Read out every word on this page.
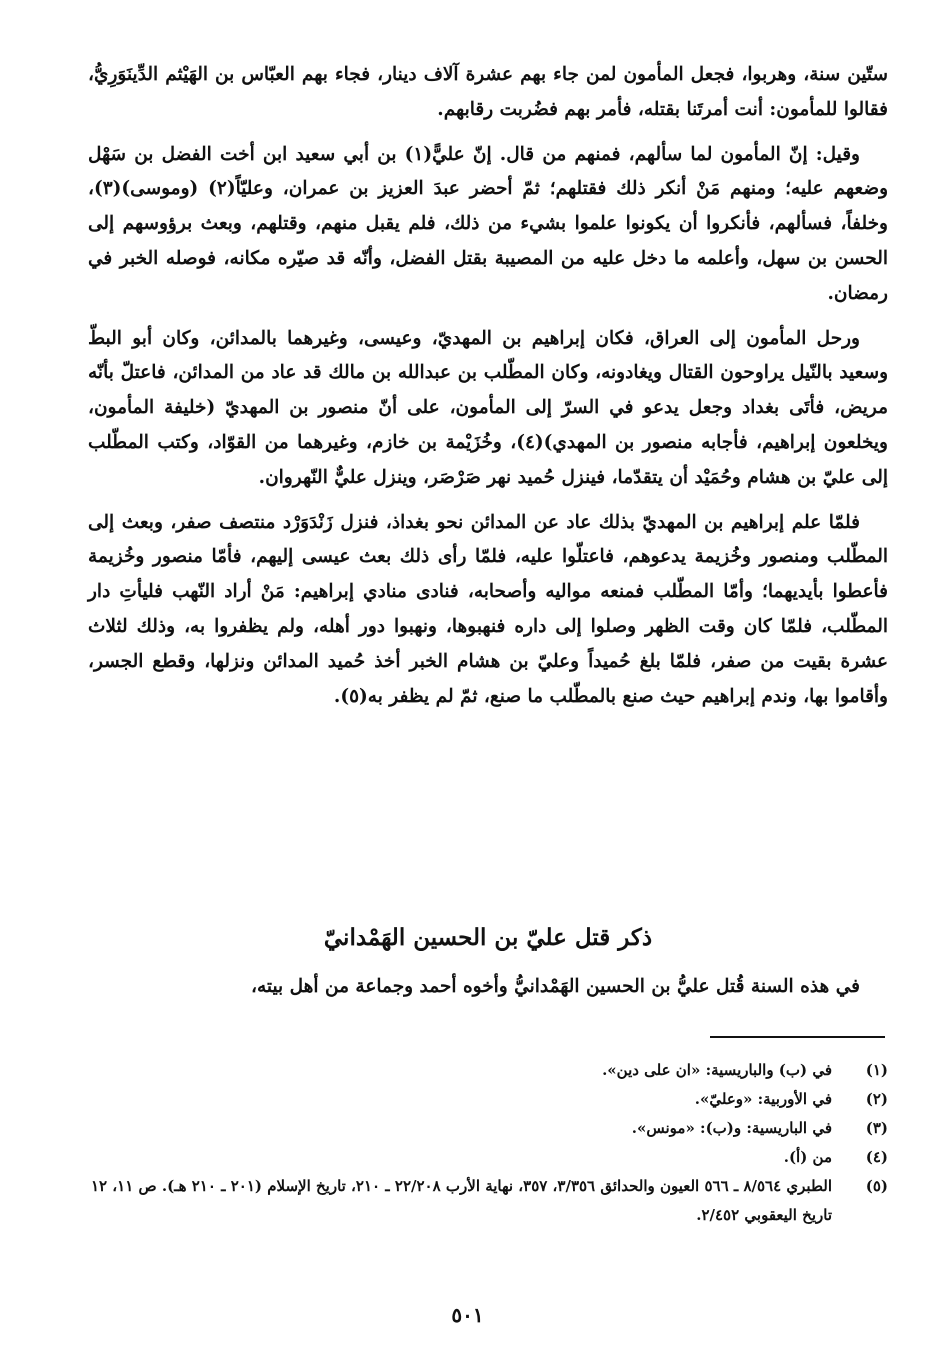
ستّين سنة، وهربوا، فجعل المأمون لمن جاء بهم عشرة آلاف دينار، فجاء بهم العبّاس بن الهَيْثم الدِّينَوَرِيُّ، فقالوا للمأمون: أنت أمرتَنا بقتله، فأمر بهم فضُربت رقابهم.

وقيل: إنّ المأمون لما سألهم، فمنهم من قال. إنّ عليًّ(١) بن أبي سعيد ابن أخت الفضل بن سَهْل وضعهم عليه؛ ومنهم مَنْ أنكر ذلك فقتلهم؛ ثمّ أحضر عبدَ العزيز بن عمران، وعليّاً(٢) (وموسى)(٣)، وخلفاً، فسألهم، فأنكروا أن يكونوا علموا بشيء من ذلك، فلم يقبل منهم، وقتلهم، وبعث برؤوسهم إلى الحسن بن سهل، وأعلمه ما دخل عليه من المصيبة بقتل الفضل، وأنّه قد صيّره مكانه، فوصله الخبر في رمضان.

ورحل المأمون إلى العراق، فكان إبراهيم بن المهديّ، وعيسى، وغيرهما بالمدائن، وكان أبو البطّ وسعيد بالنّيل يراوحون القتال ويغادونه، وكان المطّلب بن عبدالله بن مالك قد عاد من المدائن، فاعتلّ بأنّه مريض، فأتَى بغداد وجعل يدعو في السرّ إلى المأمون، على أنّ منصور بن المهديّ (خليفة المأمون، ويخلعون إبراهيم، فأجابه منصور بن المهدي)(٤)، وخُزَيْمة بن خازم، وغيرهما من القوّاد، وكتب المطّلب إلى عليّ بن هشام وحُمَيْد أن يتقدّما، فينزل حُميد نهر صَرْصَر، وينزل عليٌّ النّهروان.

فلمّا علم إبراهيم بن المهديّ بذلك عاد عن المدائن نحو بغداذ، فنزل زَنْدَوَرْد منتصف صفر، وبعث إلى المطّلب ومنصور وخُزيمة يدعوهم، فاعتلّوا عليه، فلمّا رأى ذلك بعث عيسى إليهم، فأمّا منصور وخُزيمة فأعطوا بأيديهما؛ وأمّا المطّلب فمنعه مواليه وأصحابه، فنادى منادي إبراهيم: مَنْ أراد النّهب فليأتِ دار المطّلب، فلمّا كان وقت الظهر وصلوا إلى داره فنهبوها، ونهبوا دور أهله، ولم يظفروا به، وذلك لثلاث عشرة بقيت من صفر، فلمّا بلغ حُميداً وعليّ بن هشام الخبر أخذ حُميد المدائن ونزلها، وقطع الجسر، وأقاموا بها، وندم إبراهيم حيث صنع بالمطّلب ما صنع، ثمّ لم يظفر به(٥).

ذكر قتل عليّ بن الحسين الهَمْدانيّ
في هذه السنة قُتل عليُّ بن الحسين الهَمْدانيُّ وأخوه أحمد وجماعة من أهل بيته،
(١)
في (ب) والباريسية: «ان على دين».
(٢)
في الأوربية: «وعليّ».
(٣)
في الباريسية: و(ب): «مونس».
(٤)
من (أ).
(٥)
الطبري ٨/٥٦٤ ـ ٥٦٦ العيون والحدائق ٣/٣٥٦، ٣٥٧، نهاية الأرب ٢٢/٢٠٨ ـ ٢١٠، تاريخ الإسلام (٢٠١ ـ ٢١٠ هـ). ص ١١، ١٢ تاريخ اليعقوبي ٢/٤٥٢.
٥٠١
